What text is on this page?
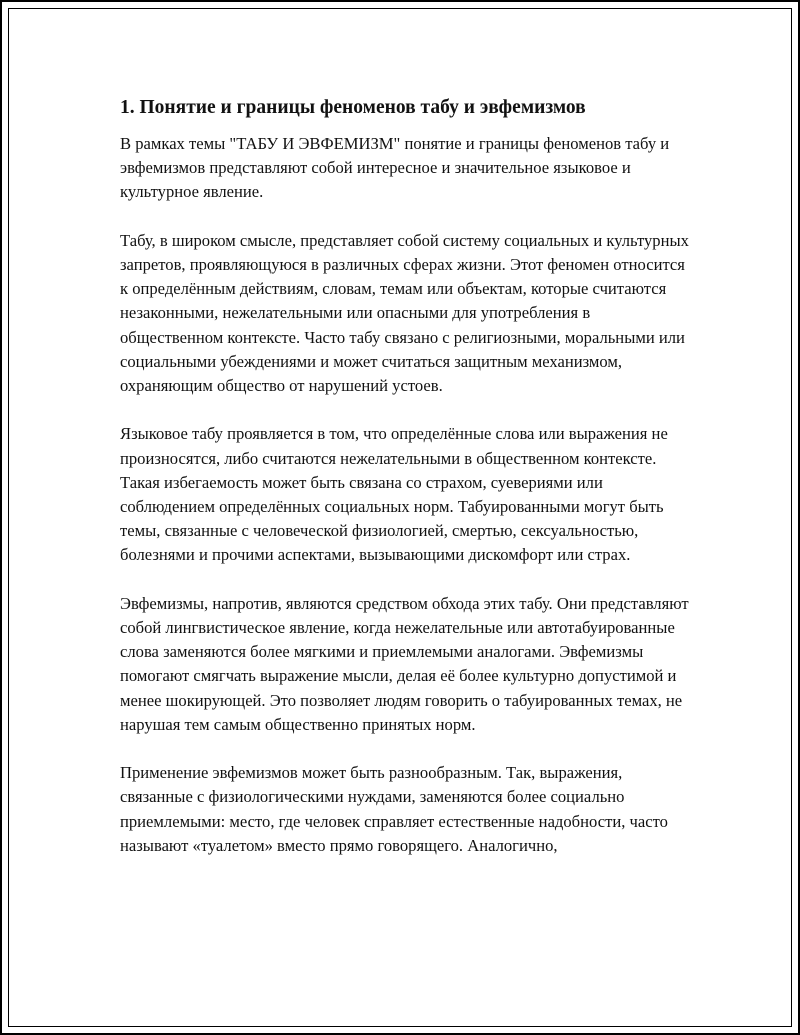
1. Понятие и границы феноменов табу и эвфемизмов

В рамках темы "ТАБУ И ЭВФЕМИЗМ" понятие и границы феноменов табу и эвфемизмов представляют собой интересное и значительное языковое и культурное явление.

Табу, в широком смысле, представляет собой систему социальных и культурных запретов, проявляющуюся в различных сферах жизни. Этот феномен относится к определённым действиям, словам, темам или объектам, которые считаются незаконными, нежелательными или опасными для употребления в общественном контексте. Часто табу связано с религиозными, моральными или социальными убеждениями и может считаться защитным механизмом, охраняющим общество от нарушений устоев.

Языковое табу проявляется в том, что определённые слова или выражения не произносятся, либо считаются нежелательными в общественном контексте. Такая избегаемость может быть связана со страхом, суевериями или соблюдением определённых социальных норм. Табуированными могут быть темы, связанные с человеческой физиологией, смертью, сексуальностью, болезнями и прочими аспектами, вызывающими дискомфорт или страх.

Эвфемизмы, напротив, являются средством обхода этих табу. Они представляют собой лингвистическое явление, когда нежелательные или автотабуированные слова заменяются более мягкими и приемлемыми аналогами. Эвфемизмы помогают смягчать выражение мысли, делая её более культурно допустимой и менее шокирующей. Это позволяет людям говорить о табуированных темах, не нарушая тем самым общественно принятых норм.

Применение эвфемизмов может быть разнообразным. Так, выражения, связанные с физиологическими нуждами, заменяются более социально приемлемыми: место, где человек справляет естественные надобности, часто называют «туалетом» вместо прямо говорящего. Аналогично,
